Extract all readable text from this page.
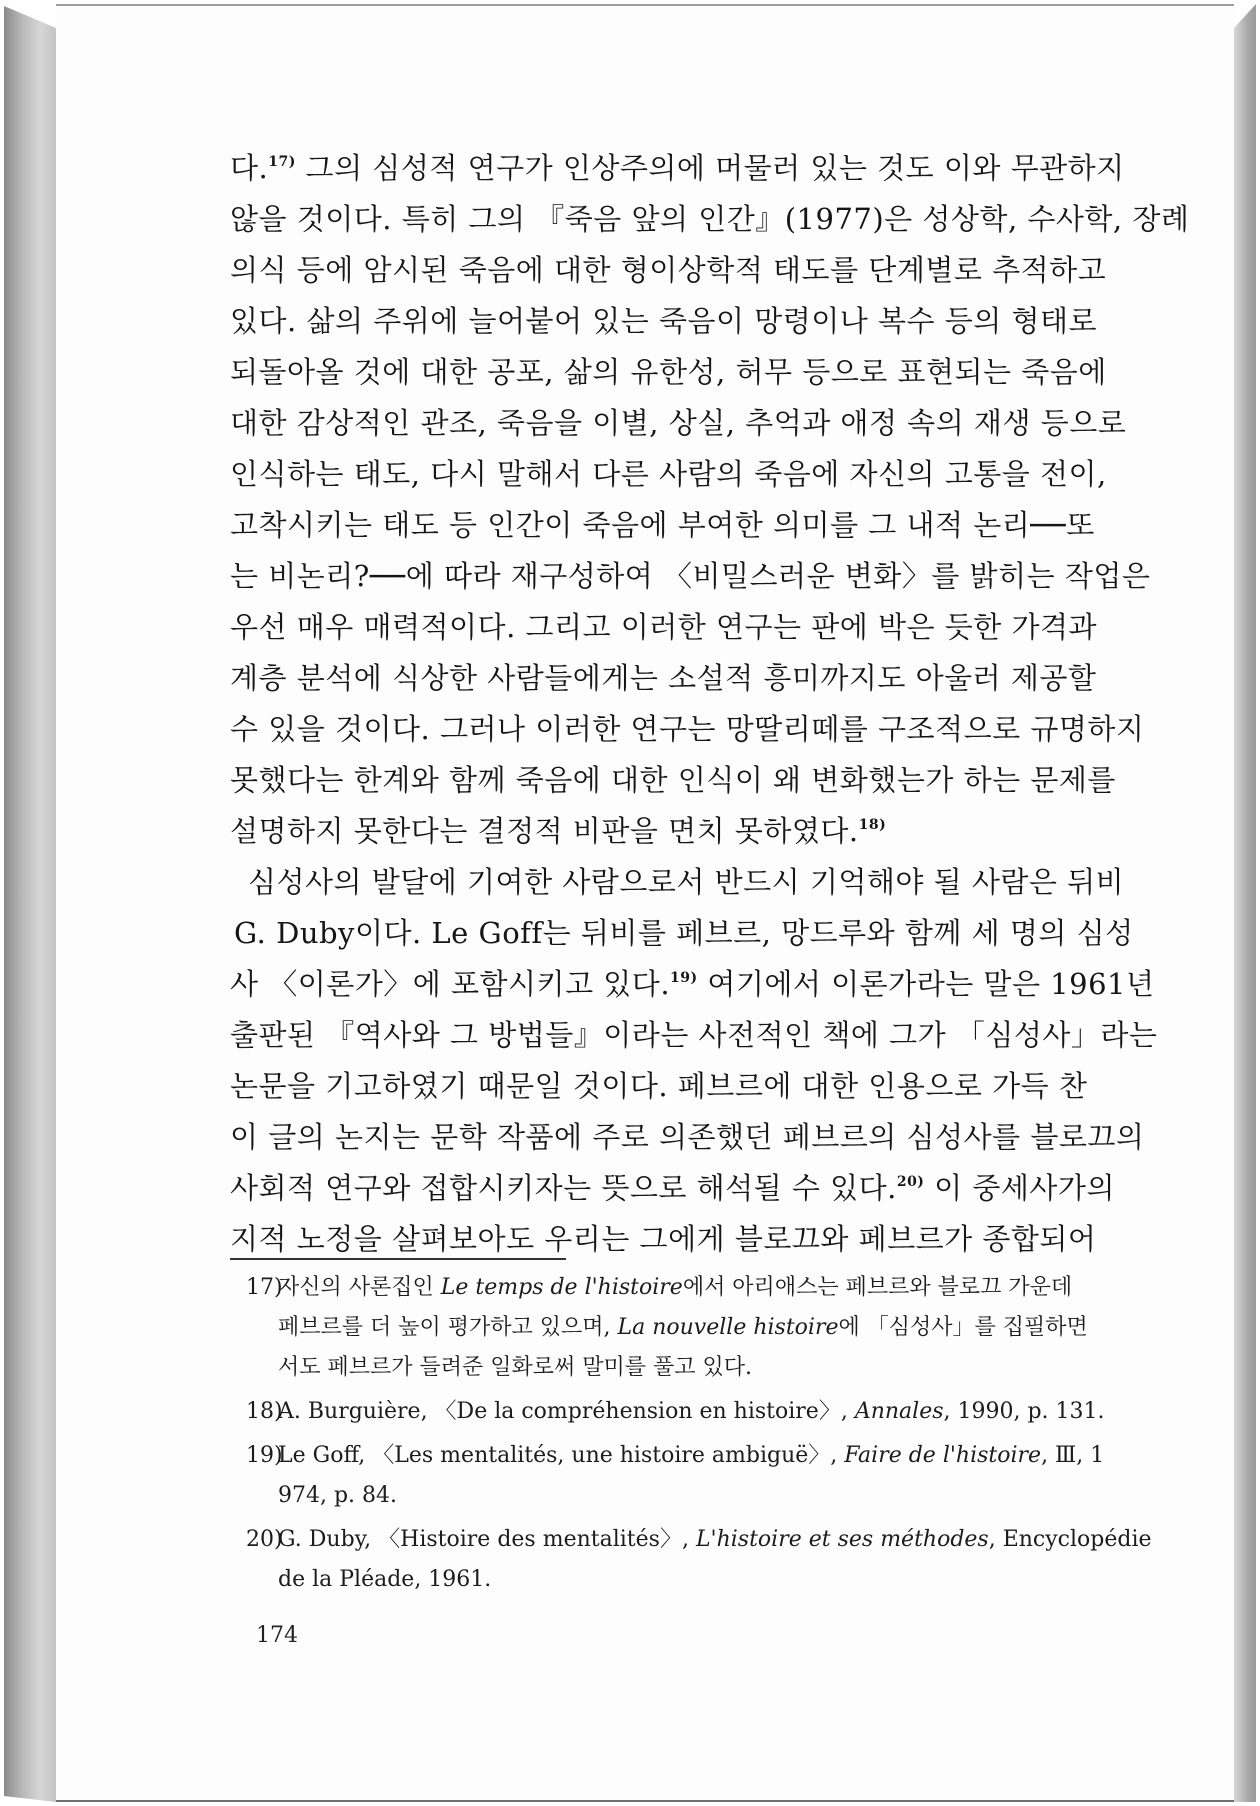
다.$^{17)}$ 그의 심성적 연구가 인상주의에 머물러 있는 것도 이와 무관하지
않을 것이다. 특히 그의 『죽음 앞의 인간』(1977)은 성상학, 수사학, 장례
의식 등에 암시된 죽음에 대한 형이상학적 태도를 단계별로 추적하고
있다. 삶의 주위에 늘어붙어 있는 죽음이 망령이나 복수 등의 형태로
되돌아올 것에 대한 공포, 삶의 유한성, 허무 등으로 표현되는 죽음에
대한 감상적인 관조, 죽음을 이별, 상실, 추억과 애정 속의 재생 등으로
인식하는 태도, 다시 말해서 다른 사람의 죽음에 자신의 고통을 전이,
고착시키는 태도 등 인간이 죽음에 부여한 의미를 그 내적 논리──또
는 비논리?──에 따라 재구성하여 〈비밀스러운 변화〉를 밝히는 작업은
우선 매우 매력적이다. 그리고 이러한 연구는 판에 박은 듯한 가격과
계층 분석에 식상한 사람들에게는 소설적 흥미까지도 아울러 제공할
수 있을 것이다. 그러나 이러한 연구는 망딸리떼를 구조적으로 규명하지
못했다는 한계와 함께 죽음에 대한 인식이 왜 변화했는가 하는 문제를
설명하지 못한다는 결정적 비판을 면치 못하였다.$^{18)}$
심성사의 발달에 기여한 사람으로서 반드시 기억해야 될 사람은 뒤비
G. Duby이다. Le Goff는 뒤비를 페브르, 망드루와 함께 세 명의 심성
사 〈이론가〉에 포함시키고 있다.$^{19)}$ 여기에서 이론가라는 말은 1961년
출판된 『역사와 그 방법들』이라는 사전적인 책에 그가 「심성사」라는
논문을 기고하였기 때문일 것이다. 페브르에 대한 인용으로 가득 찬
이 글의 논지는 문학 작품에 주로 의존했던 페브르의 심성사를 블로끄의
사회적 연구와 접합시키자는 뜻으로 해석될 수 있다.$^{20)}$ 이 중세사가의
지적 노정을 살펴보아도 우리는 그에게 블로끄와 페브르가 종합되어
17)자신의 사론집인 Le temps de l'histoire에서 아리애스는 페브르와 블로끄 가운데
페브르를 더 높이 평가하고 있으며, La nouvelle histoire에 「심성사」를 집필하면
서도 페브르가 들려준 일화로써 말미를 풀고 있다.
18)A. Burguière, 〈De la compréhension en histoire〉, Annales, 1990, p. 131.
19)Le Goff, 〈Les mentalités, une histoire ambiguë〉, Faire de l'histoire, Ⅲ, 1
974, p. 84.
20)G. Duby, 〈Histoire des mentalités〉, L'histoire et ses méthodes, Encyclopédie
de la Pléade, 1961.
174
